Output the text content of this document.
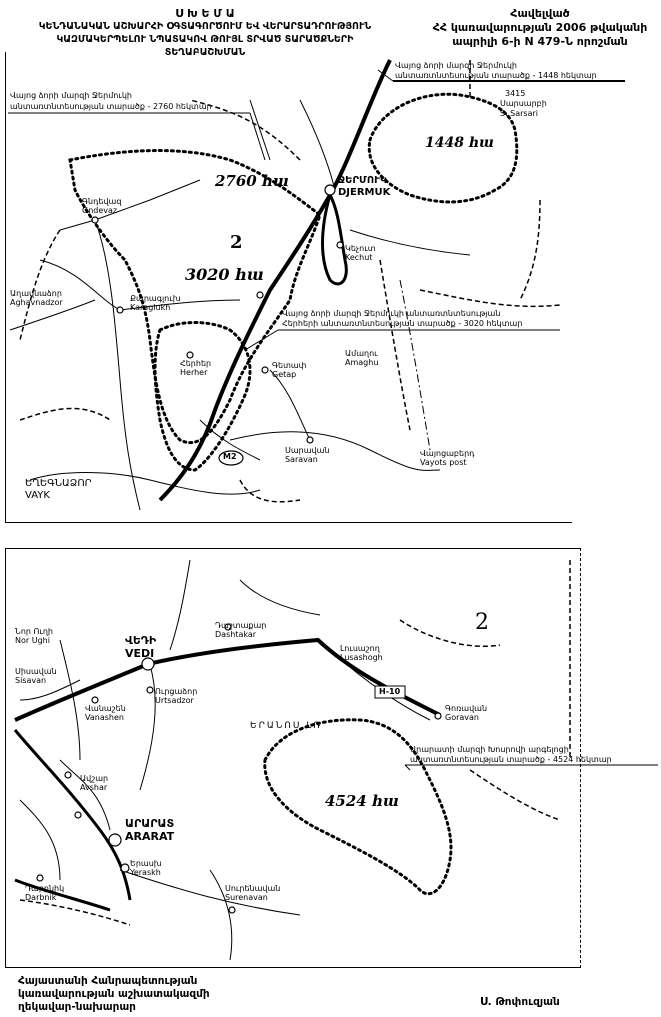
Ս Խ Ե Մ Ա
ԿԵՆԴԱՆԱԿԱՆ ԱՇԽԱՐՀԻ ՕԳՏԱԳՈՐԾՈՒՄ ԵՎ ՎԵՐԱՐՏԱԴՐՈՒԹՅՈՒՆ
ԿԱԶՄԱԿԵՐՊԵԼՈՒ ՆՊԱՏԱԿՈՎ ԹՈՒՅԼ ՏՐՎԱԾ ՏԱՐԱԾՔՆԵՐԻ
ՏԵՂԱԲԱՇԽՄԱՆ
Հավելված
ՀՀ կառավարության 2006 թվականի
ապրիլի 6-ի N 479-Ն որոշման
Վայոց ձորի մարզի Ջերմուկի
անտառտնտեսության տարածք - 2760 հեկտար
Վայոց ձորի մարզի Ջերմուկի
անտառտնտեսության տարածք - 1448 հեկտար
Վայոց ձորի մարզի Ջերմուկի անտառտնտեսության
Հերհերի անտառտնտեսության տարածք - 3020 հեկտար
2760 հա
1448 հա
3020 հա
2
ՋԵՐՄՈՒԿ
DJERMUK
Գնդեվազ
Gndevaz
Քարագլուխ
Karaglukh
Կեչուտ
Kechut
Հերհեր
Herher
Գետափ
Getap
Սարավան
Saravan
Վայոցաբերդ
Vayots post
Սարսարբի
S. Sarsari
ԵՂԵԳՆԱՁՈՐ
VAYK
Ամաղու
Amaghu
Աղավնաձոր
Aghavnadzor
3415
M2
2
Արարատի մարզի Խոսրովի արգելոցի
անտառտնտեսության տարածք - 4524 հեկտար
4524 հա
ԵՐԱՆՈՍ ԼՌ
ՎԵԴԻ
VEDI
ԱՐԱՐԱՏ
ARARAT
Դաշտաքար
Dashtakar
Ուրցաձոր
Urtsadzor
Նոր Ուղի
Nor Ughi
Սիսավան
Sisavan
Վանաշեն
Vanashen
Ավշար
Avshar
Երասխ
Yeraskh
Սուրենավան
Surenavan
Դարբնիկ
Darbnik
Գոռավան
Goravan
Լուսաշող
Lusashogh
H-10
Հայաստանի Հանրապետության
կառավարության աշխատակազմի
ղեկավար-նախարար	Ս. Թոփուզյան
